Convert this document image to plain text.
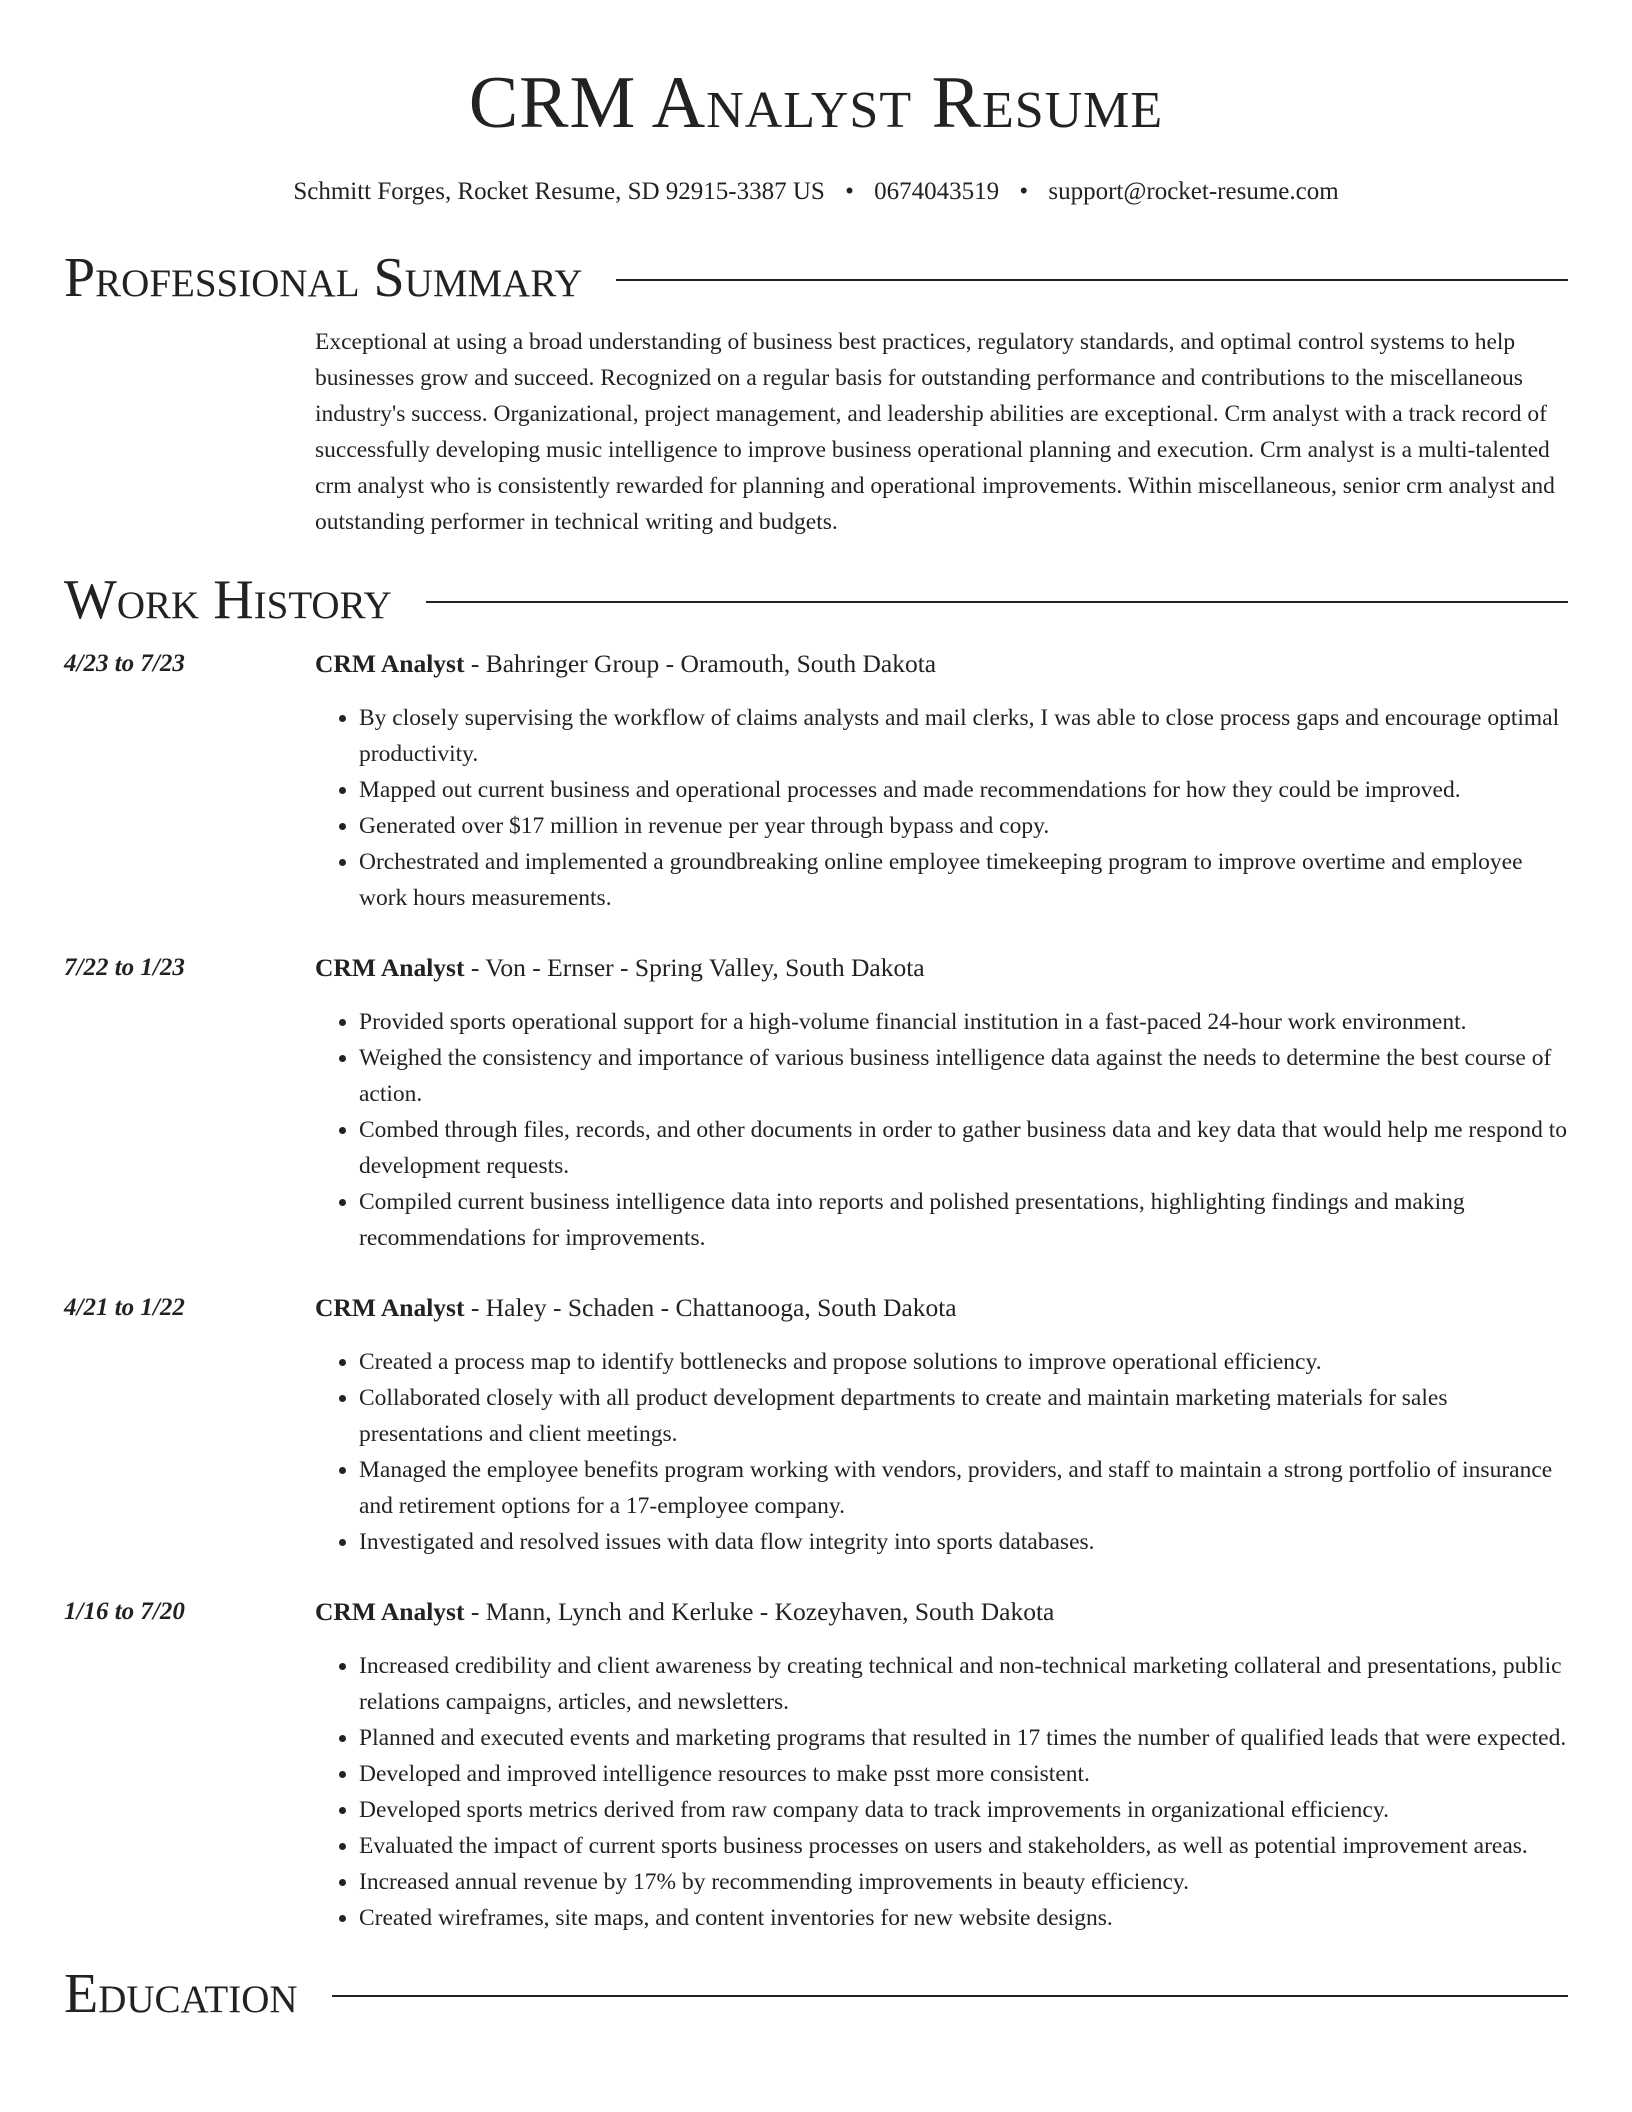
CRM Analyst Resume
Schmitt Forges, Rocket Resume, SD 92915-3387 US • 0674043519 • support@rocket-resume.com
Professional Summary
Exceptional at using a broad understanding of business best practices, regulatory standards, and optimal control systems to help businesses grow and succeed. Recognized on a regular basis for outstanding performance and contributions to the miscellaneous industry's success. Organizational, project management, and leadership abilities are exceptional. Crm analyst with a track record of successfully developing music intelligence to improve business operational planning and execution. Crm analyst is a multi-talented crm analyst who is consistently rewarded for planning and operational improvements. Within miscellaneous, senior crm analyst and outstanding performer in technical writing and budgets.
Work History
4/23 to 7/23	CRM Analyst - Bahringer Group - Oramouth, South Dakota
• By closely supervising the workflow of claims analysts and mail clerks, I was able to close process gaps and encourage optimal productivity.
• Mapped out current business and operational processes and made recommendations for how they could be improved.
• Generated over $17 million in revenue per year through bypass and copy.
• Orchestrated and implemented a groundbreaking online employee timekeeping program to improve overtime and employee work hours measurements.
7/22 to 1/23	CRM Analyst - Von - Ernser - Spring Valley, South Dakota
• Provided sports operational support for a high-volume financial institution in a fast-paced 24-hour work environment.
• Weighed the consistency and importance of various business intelligence data against the needs to determine the best course of action.
• Combed through files, records, and other documents in order to gather business data and key data that would help me respond to development requests.
• Compiled current business intelligence data into reports and polished presentations, highlighting findings and making recommendations for improvements.
4/21 to 1/22	CRM Analyst - Haley - Schaden - Chattanooga, South Dakota
• Created a process map to identify bottlenecks and propose solutions to improve operational efficiency.
• Collaborated closely with all product development departments to create and maintain marketing materials for sales presentations and client meetings.
• Managed the employee benefits program working with vendors, providers, and staff to maintain a strong portfolio of insurance and retirement options for a 17-employee company.
• Investigated and resolved issues with data flow integrity into sports databases.
1/16 to 7/20	CRM Analyst - Mann, Lynch and Kerluke - Kozeyhaven, South Dakota
• Increased credibility and client awareness by creating technical and non-technical marketing collateral and presentations, public relations campaigns, articles, and newsletters.
• Planned and executed events and marketing programs that resulted in 17 times the number of qualified leads that were expected.
• Developed and improved intelligence resources to make psst more consistent.
• Developed sports metrics derived from raw company data to track improvements in organizational efficiency.
• Evaluated the impact of current sports business processes on users and stakeholders, as well as potential improvement areas.
• Increased annual revenue by 17% by recommending improvements in beauty efficiency.
• Created wireframes, site maps, and content inventories for new website designs.
Education
